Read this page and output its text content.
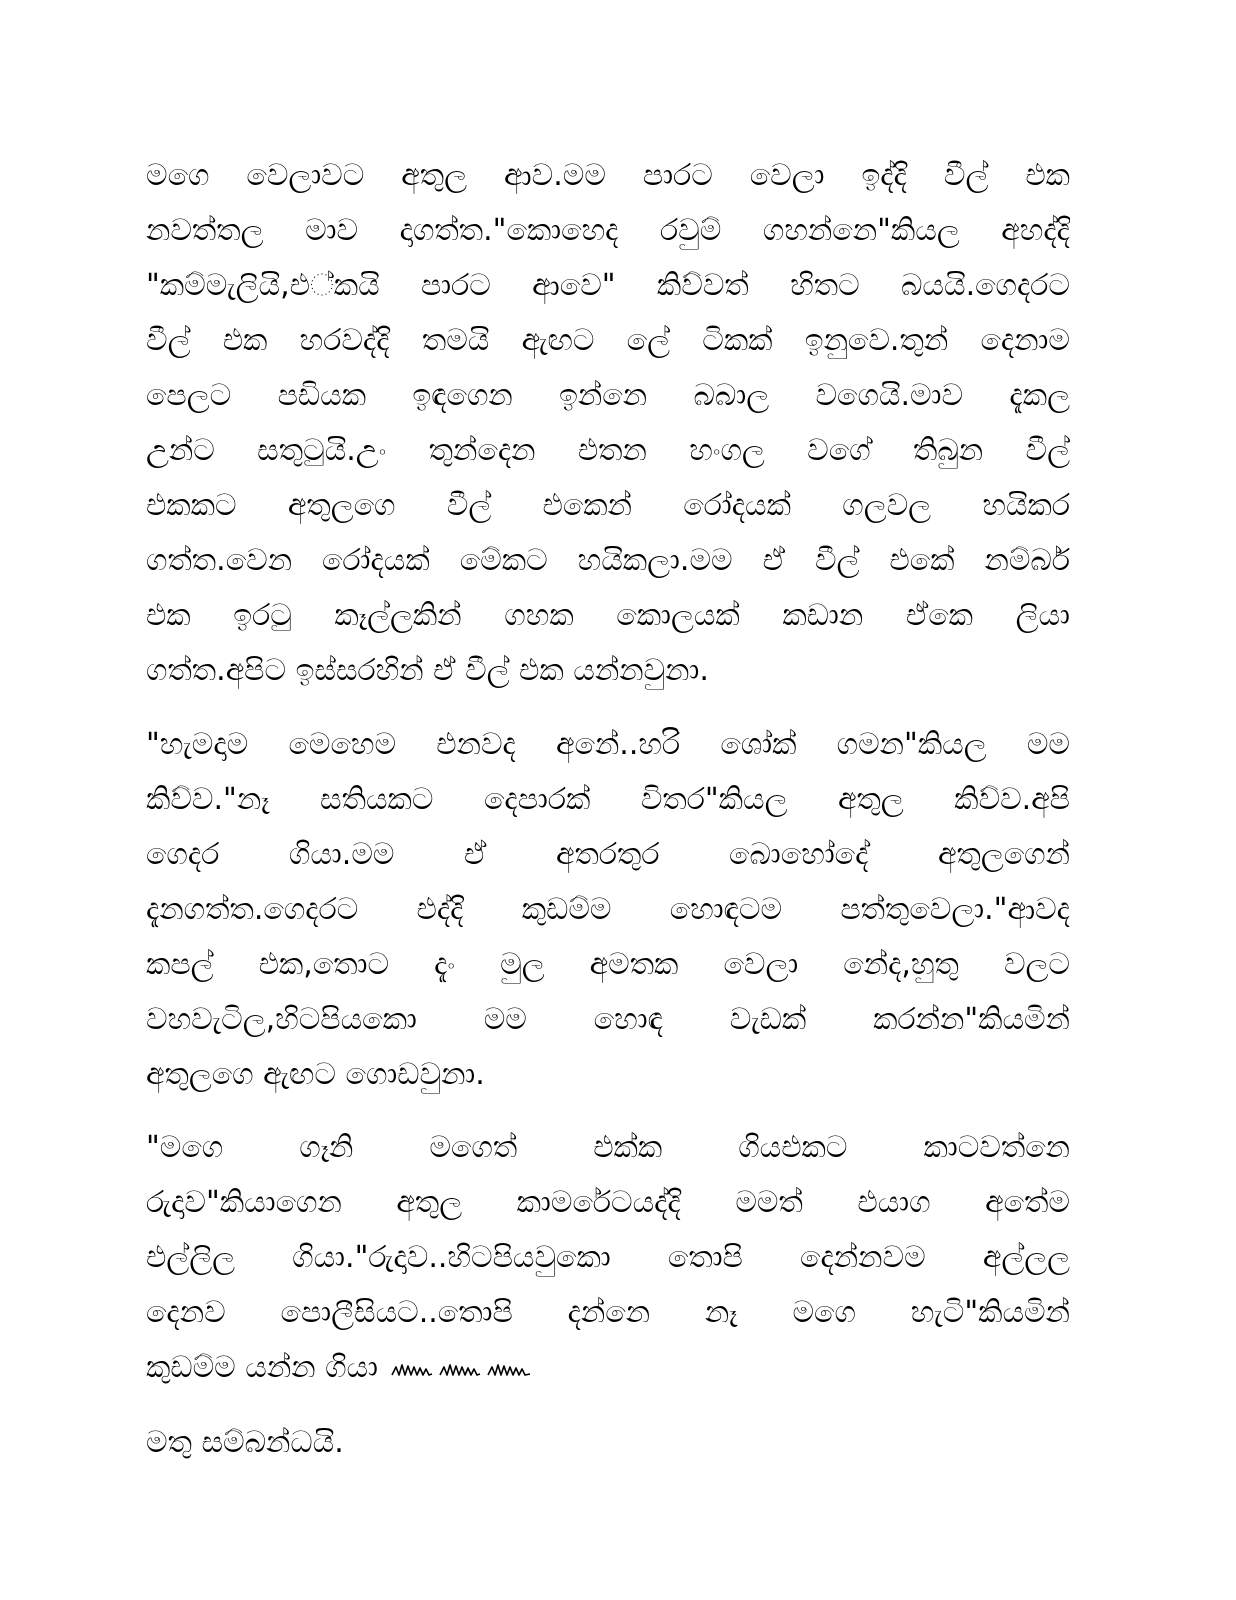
මගෙ වෙලාවට අතුල ආව.මම පාරට වෙලා ඉද්දි වීල් එක
නවත්තල මාව දාගත්ත."කොහෙද රවුම් ගහන්නෙ"කියල අහද්දි
"කම්මැලියි,එ්කයි පාරට ආවෙ" කිව්වත් හිතට බයයි.ගෙදරට
වීල් එක හරවද්දි තමයි ඇඟට ලේ ටිකක් ඉනුවෙ.තුන් දෙනාම
පෙලට පඩියක ඉඳගෙන ඉන්නෙ බබාල වගෙයි.මාව දැකල
උන්ට සතුටුයි.උං තුන්දෙන එතන හංගල වගේ තිබුන වීල්
එකකට අතුලගෙ වීල් එකෙන් රෝදයක් ගලවල හයිකර
ගත්ත.වෙන රෝදයක් මේකට හයිකලා.මම ඒ වීල් එකේ නම්බර්
එක ඉරටු කෑල්ලකින් ගහක කොලයක් කඩාන ඒකෙ ලියා
ගත්ත.අපිට ඉස්සරහින් ඒ වීල් එක යන්නවුනා.
"හැමදාම මෙහෙම එනවද අනේ..හරි ශෝක් ගමන"කියල මම
කිව්ව."නෑ සතියකට දෙපාරක් විතර"කියල අතුල කිව්ව.අපි
ගෙදර ගියා.මම ඒ අතරතුර බොහෝදේ අතුලගෙන්
දැනගත්ත.ගෙදරට එද්දි කුඩම්ම හොඳටම පත්තුවෙලා."ආවද
කපල් එක,තොට දැං මුල අමතක වෙලා නේද,හුතු වලට
වහවැටිල,හිටපියකො මම හොඳ වැඩක් කරන්න"කියමින්
අතුලගෙ ඇඟට ගොඩවුනා.
"මගෙ ගෑනි මගෙත් එක්ක ගියඑකට කාටවත්නෙ
රුදාව"කියාගෙන අතුල කාමරේටයද්දි මමත් එයාග අතේම
එල්ලිල ගියා."රුදාව..හිටපියවුකො තොපි දෙන්නවම අල්ලල
දෙනව පොලීසියට..තොපි දන්නෙ නෑ මගෙ හැටි"කියමින්
කුඩම්ම යන්න ගියා
මතු සම්බන්ධයි.
